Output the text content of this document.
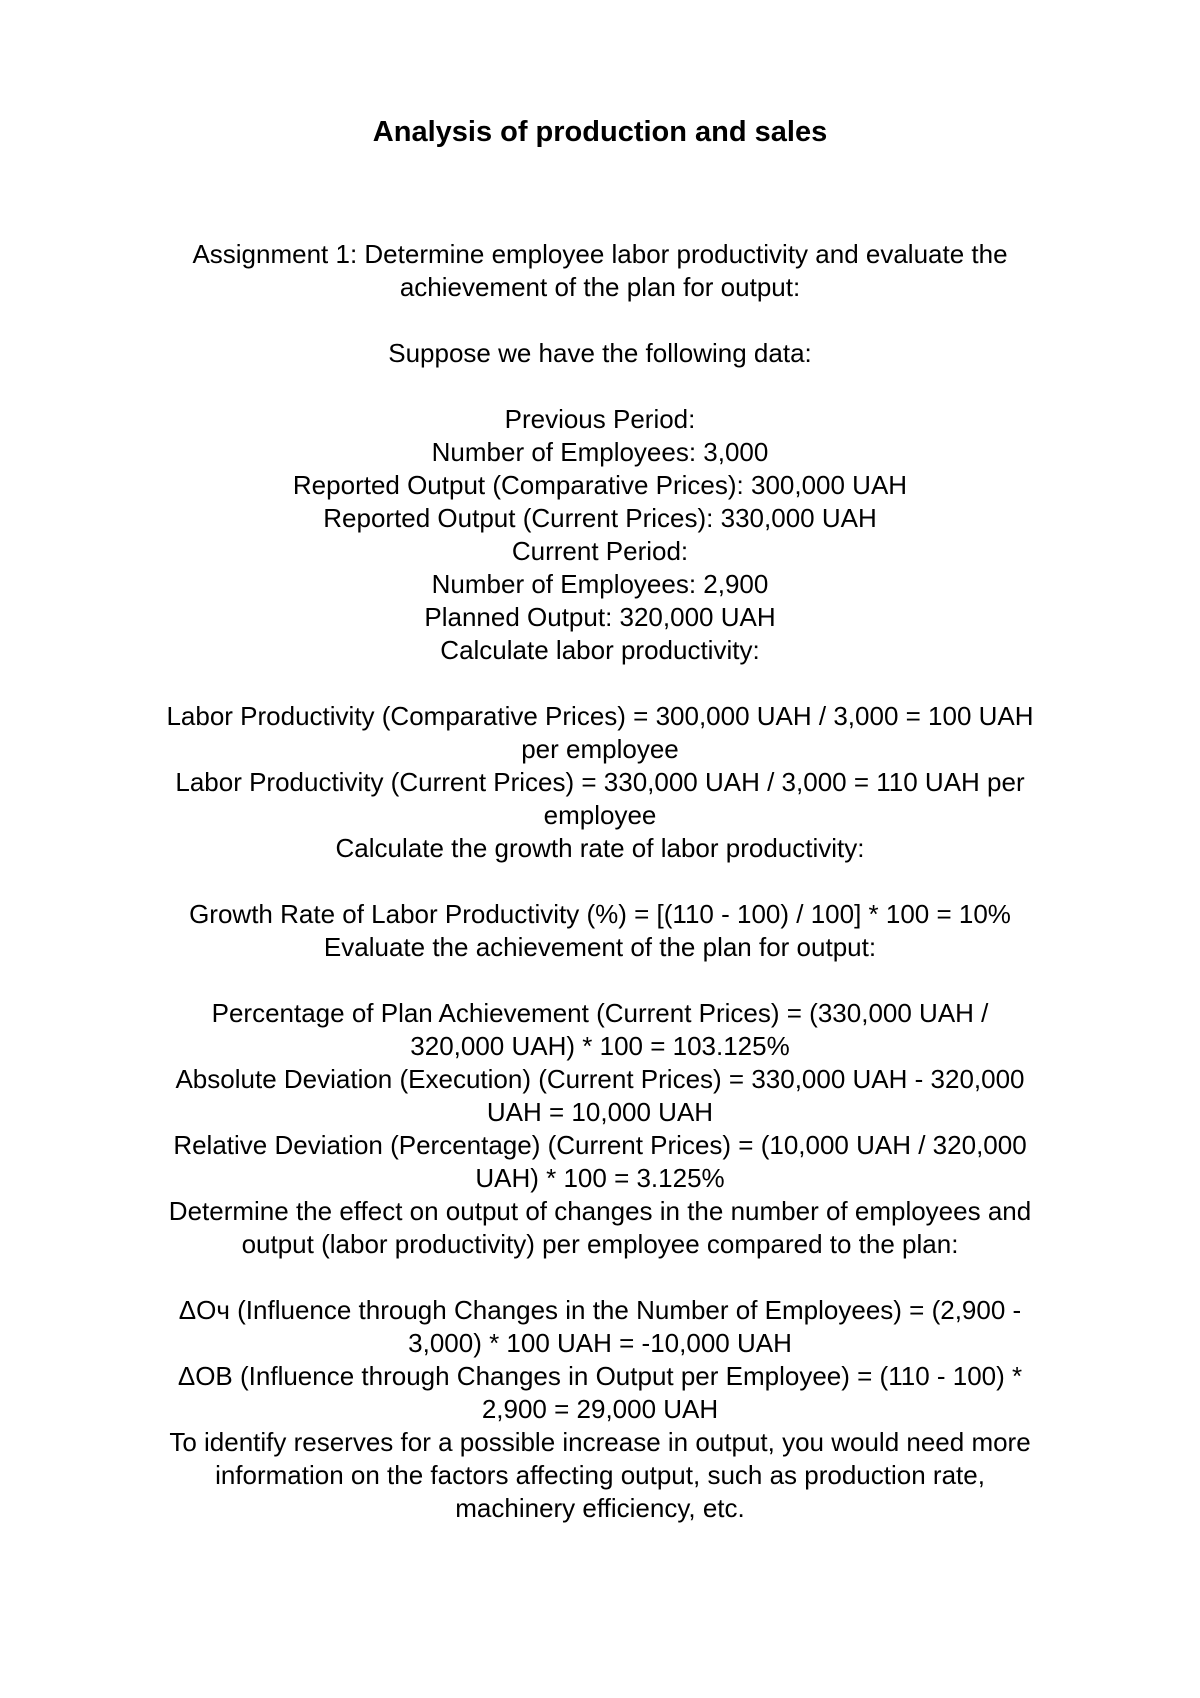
Analysis of production and sales
Assignment 1: Determine employee labor productivity and evaluate the
achievement of the plan for output:
Suppose we have the following data:
Previous Period:
Number of Employees: 3,000
Reported Output (Comparative Prices): 300,000 UAH
Reported Output (Current Prices): 330,000 UAH
Current Period:
Number of Employees: 2,900
Planned Output: 320,000 UAH
Calculate labor productivity:
Labor Productivity (Comparative Prices) = 300,000 UAH / 3,000 = 100 UAH
per employee
Labor Productivity (Current Prices) = 330,000 UAH / 3,000 = 110 UAH per
employee
Calculate the growth rate of labor productivity:
Growth Rate of Labor Productivity (%) = [(110 - 100) / 100] * 100 = 10%
Evaluate the achievement of the plan for output:
Percentage of Plan Achievement (Current Prices) = (330,000 UAH /
320,000 UAH) * 100 = 103.125%
Absolute Deviation (Execution) (Current Prices) = 330,000 UAH - 320,000
UAH = 10,000 UAH
Relative Deviation (Percentage) (Current Prices) = (10,000 UAH / 320,000
UAH) * 100 = 3.125%
Determine the effect on output of changes in the number of employees and
output (labor productivity) per employee compared to the plan:
ΔОч (Influence through Changes in the Number of Employees) = (2,900 -
3,000) * 100 UAH = -10,000 UAH
ΔОВ (Influence through Changes in Output per Employee) = (110 - 100) *
2,900 = 29,000 UAH
To identify reserves for a possible increase in output, you would need more
information on the factors affecting output, such as production rate,
machinery efficiency, etc.
